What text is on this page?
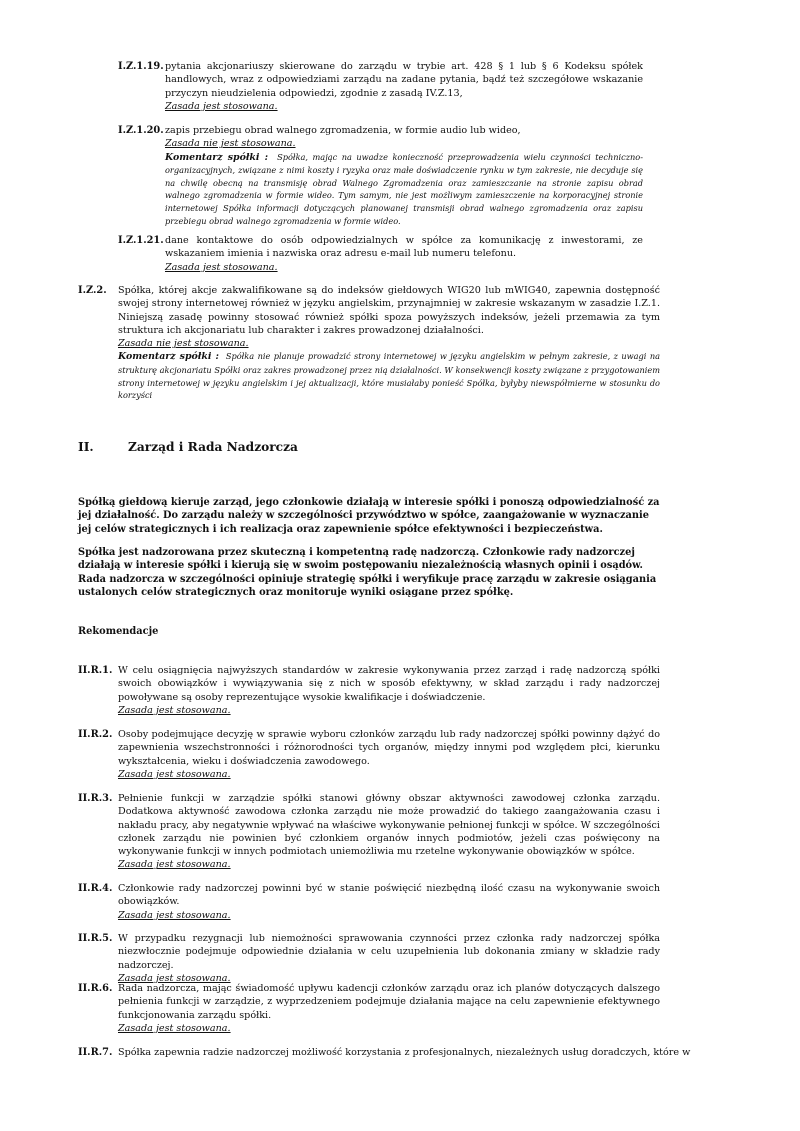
I.Z.1.19. pytania akcjonariuszy skierowane do zarządu w trybie art. 428 § 1 lub § 6 Kodeksu spółek handlowych, wraz z odpowiedziami zarządu na zadane pytania, bądź też szczegółowe wskazanie przyczyn nieudzielenia odpowiedzi, zgodnie z zasadą IV.Z.13,
Zasada jest stosowana.
I.Z.1.20. zapis przebiegu obrad walnego zgromadzenia, w formie audio lub wideo,
Zasada nie jest stosowana.
Komentarz spółki : Spółka, mając na uwadze konieczność przeprowadzenia wielu czynności techniczno-organizacyjnych, związane z nimi koszty i ryzyka oraz małe doświadczenie rynku w tym zakresie, nie decyduje się na chwilę obecną na transmisję obrad Walnego Zgromadzenia oraz zamieszczanie na stronie zapisu obrad walnego zgromadzenia w formie wideo. Tym samym, nie jest możliwym zamieszczenie na korporacyjnej stronie internetowej Spółka informacji dotyczących planowanej transmisji obrad walnego zgromadzenia oraz zapisu przebiegu obrad walnego zgromadzenia w formie wideo.
I.Z.1.21. dane kontaktowe do osób odpowiedzialnych w spółce za komunikację z inwestorami, ze wskazaniem imienia i nazwiska oraz adresu e-mail lub numeru telefonu.
Zasada jest stosowana.
I.Z.2. Spółka, której akcje zakwalifikowane są do indeksów giełdowych WIG20 lub mWIG40, zapewnia dostępność swojej strony internetowej również w języku angielskim, przynajmniej w zakresie wskazanym w zasadzie I.Z.1. Niniejszą zasadę powinny stosować również spółki spoza powyższych indeksów, jeżeli przemawia za tym struktura ich akcjonariatu lub charakter i zakres prowadzonej działalności.
Zasada nie jest stosowana.
Komentarz spółki : Spółka nie planuje prowadzić strony internetowej w języku angielskim w pełnym zakresie, z uwagi na strukturę akcjonariatu Spółki oraz zakres prowadzonej przez nią działalności. W konsekwencji koszty związane z przygotowaniem strony internetowej w języku angielskim i jej aktualizacji, które musiałaby ponieść Spółka, byłyby niewspółmierne w stosunku do korzyści
II.	Zarząd i Rada Nadzorcza
Spółką giełdową kieruje zarząd, jego członkowie działają w interesie spółki i ponoszą odpowiedzialność za jej działalność. Do zarządu należy w szczególności przywództwo w spółce, zaangażowanie w wyznaczanie jej celów strategicznych i ich realizacja oraz zapewnienie spółce efektywności i bezpieczeństwa.
Spółka jest nadzorowana przez skuteczną i kompetentną radę nadzorczą. Członkowie rady nadzorczej działają w interesie spółki i kierują się w swoim postępowaniu niezależnością własnych opinii i osądów. Rada nadzorcza w szczególności opiniuje strategię spółki i weryfikuje pracę zarządu w zakresie osiągania ustalonych celów strategicznych oraz monitoruje wyniki osiągane przez spółkę.
Rekomendacje
II.R.1. W celu osiągnięcia najwyższych standardów w zakresie wykonywania przez zarząd i radę nadzorczą spółki swoich obowiązków i wywiązywania się z nich w sposób efektywny, w skład zarządu i rady nadzorczej powoływane są osoby reprezentujące wysokie kwalifikacje i doświadczenie.
Zasada jest stosowana.
II.R.2. Osoby podejmujące decyzję w sprawie wyboru członków zarządu lub rady nadzorczej spółki powinny dążyć do zapewnienia wszechstronności i różnorodności tych organów, między innymi pod względem płci, kierunku wykształcenia, wieku i doświadczenia zawodowego.
Zasada jest stosowana.
II.R.3. Pełnienie funkcji w zarządzie spółki stanowi główny obszar aktywności zawodowej członka zarządu. Dodatkowa aktywność zawodowa członka zarządu nie może prowadzić do takiego zaangażowania czasu i nakładu pracy, aby negatywnie wpływać na właściwe wykonywanie pełnionej funkcji w spółce. W szczególności członek zarządu nie powinien być członkiem organów innych podmiotów, jeżeli czas poświęcony na wykonywanie funkcji w innych podmiotach uniemożliwia mu rzetelne wykonywanie obowiązków w spółce.
Zasada jest stosowana.
II.R.4. Członkowie rady nadzorczej powinni być w stanie poświęcić niezbędną ilość czasu na wykonywanie swoich obowiązków.
Zasada jest stosowana.
II.R.5. W przypadku rezygnacji lub niemożności sprawowania czynności przez członka rady nadzorczej spółka niezwłocznie podejmuje odpowiednie działania w celu uzupełnienia lub dokonania zmiany w składzie rady nadzorczej.
Zasada jest stosowana.
II.R.6. Rada nadzorcza, mając świadomość upływu kadencji członków zarządu oraz ich planów dotyczących dalszego pełnienia funkcji w zarządzie, z wyprzedzeniem podejmuje działania mające na celu zapewnienie efektywnego funkcjonowania zarządu spółki.
Zasada jest stosowana.
II.R.7. Spółka zapewnia radzie nadzorczej możliwość korzystania z profesjonalnych, niezależnych usług doradczych, które w
